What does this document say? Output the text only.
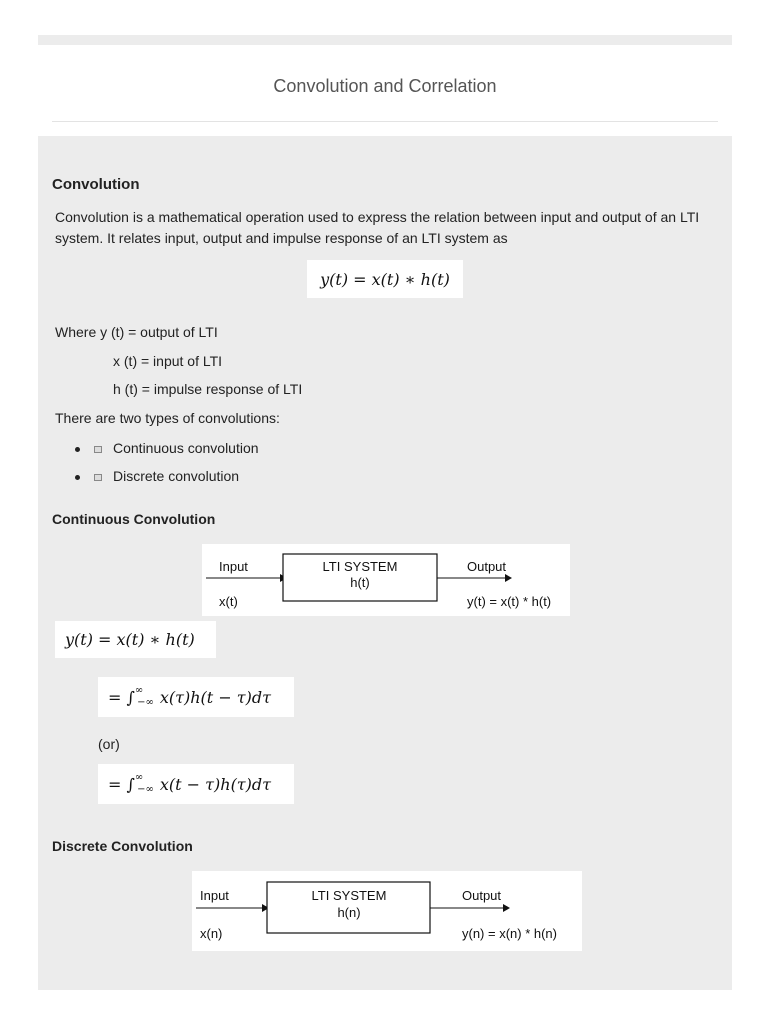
Convolution and Correlation
Convolution
Convolution is a mathematical operation used to express the relation between input and output of an LTI system. It relates input, output and impulse response of an LTI system as
y(t) = x(t) ∗ h(t)
Where y (t) = output of LTI
x (t) = input of LTI
h (t) = impulse response of LTI
There are two types of convolutions:
Continuous convolution
Discrete convolution
Continuous Convolution
Input
x(t)
LTI SYSTEM
h(t)
Output
y(t) = x(t) * h(t)
y(t) = x(t) ∗ h(t)
= ∫ ∞
−∞ x(τ)h(t − τ)dτ
(or)
= ∫ ∞
−∞ x(t − τ)h(τ)dτ
Discrete Convolution
Input
x(n)
LTI SYSTEM
h(n)
Output
y(n) = x(n) * h(n)
